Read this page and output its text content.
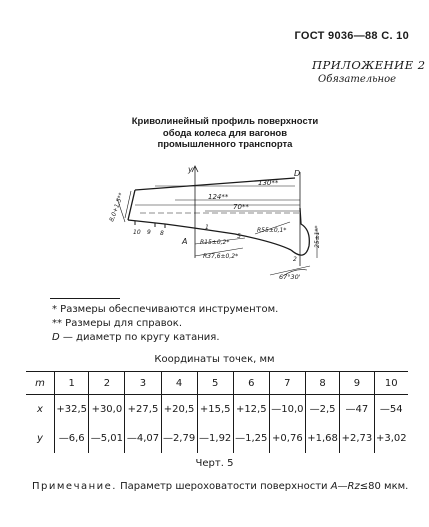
ГОСТ 9036—88 С. 10
ПРИЛОЖЕНИЕ 2
Обязательное
Криволинейный профиль поверхности
обода колеса для вагонов
промышленного транспорта
y	D
130**
124**
70**
10 9 8
1
A R15±0,2*
R55±0,1*
R37,6±0,2*
67°30'
25±1**
2
5
8,0+1,5**
* Размеры обеспечиваются инструментом.
** Размеры для справок.
D — диаметр по кругу катания.
Координаты точек, мм
m	1	2	3	4	5	6	7	8	9	10
x	+32,5	+30,0	+27,5	+20,5	+15,5	+12,5	—10,0	—2,5	—47	—54
y	—6,6	—5,01	—4,07	—2,79	—1,92	—1,25	+0,76	+1,68	+2,73	+3,02
Черт. 5
Примечание. Параметр шероховатости поверхности A—Rz≤80 мкм.
